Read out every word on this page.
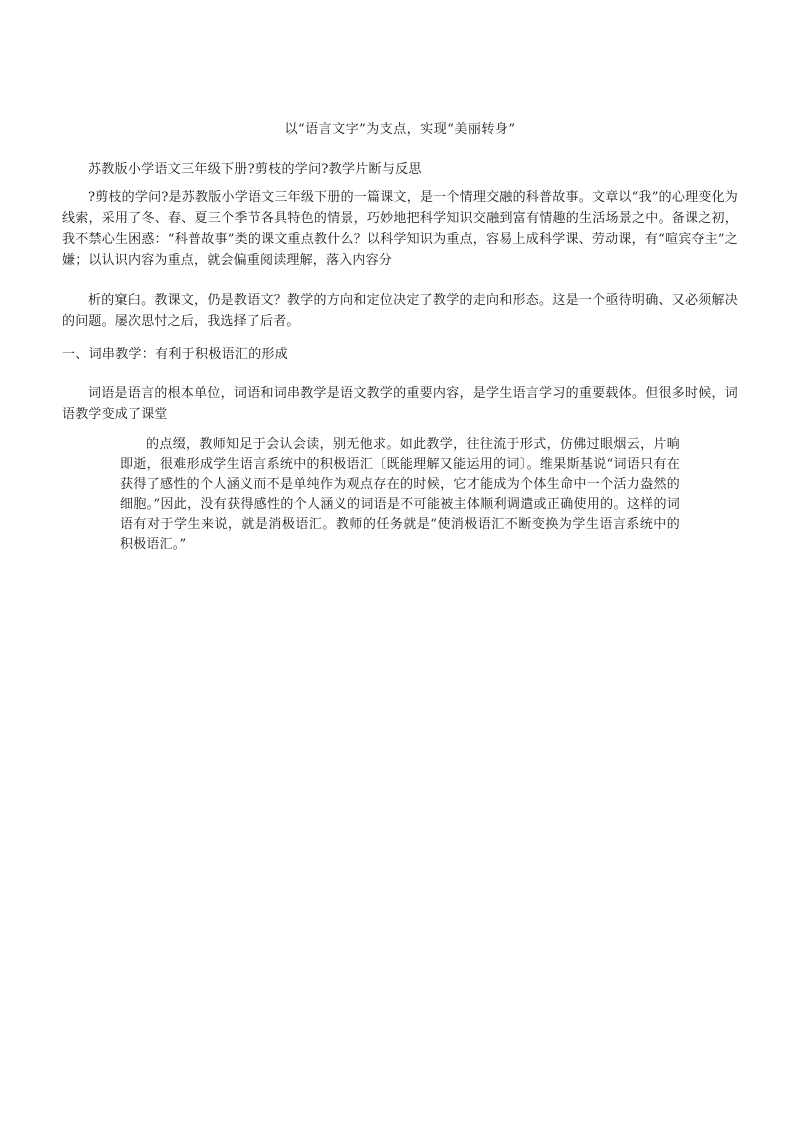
以“语言文字”为支点，实现“美丽转身”
苏教版小学语文三年级下册?剪枝的学问?教学片断与反思
?剪枝的学问?是苏教版小学语文三年级下册的一篇课文，是一个情理交融的科普故事。文章以“我”的心理变化为线索，采用了冬、春、夏三个季节各具特色的情景，巧妙地把科学知识交融到富有情趣的生活场景之中。备课之初，我不禁心生困惑：“科普故事”类的课文重点教什么？以科学知识为重点，容易上成科学课、劳动课，有“喧宾夺主”之嫌；以认识内容为重点，就会偏重阅读理解，落入内容分
析的窠臼。教课文，仍是教语文？教学的方向和定位决定了教学的走向和形态。这是一个亟待明确、又必须解决的问题。屡次思忖之后，我选择了后者。
一、词串教学：有利于积极语汇的形成
词语是语言的根本单位，词语和词串教学是语文教学的重要内容，是学生语言学习的重要载体。但很多时候，词语教学变成了课堂
的点缀，教师知足于会认会读，别无他求。如此教学，往往流于形式，仿佛过眼烟云，片晌即逝，很难形成学生语言系统中的积极语汇〔既能理解又能运用的词〕。维果斯基说“词语只有在获得了感性的个人涵义而不是单纯作为观点存在的时候，它才能成为个体生命中一个活力盎然的细胞。”因此，没有获得感性的个人涵义的词语是不可能被主体顺利调遣或正确使用的。这样的词语有对于学生来说，就是消极语汇。教师的任务就是“使消极语汇不断变换为学生语言系统中的积极语汇。”
